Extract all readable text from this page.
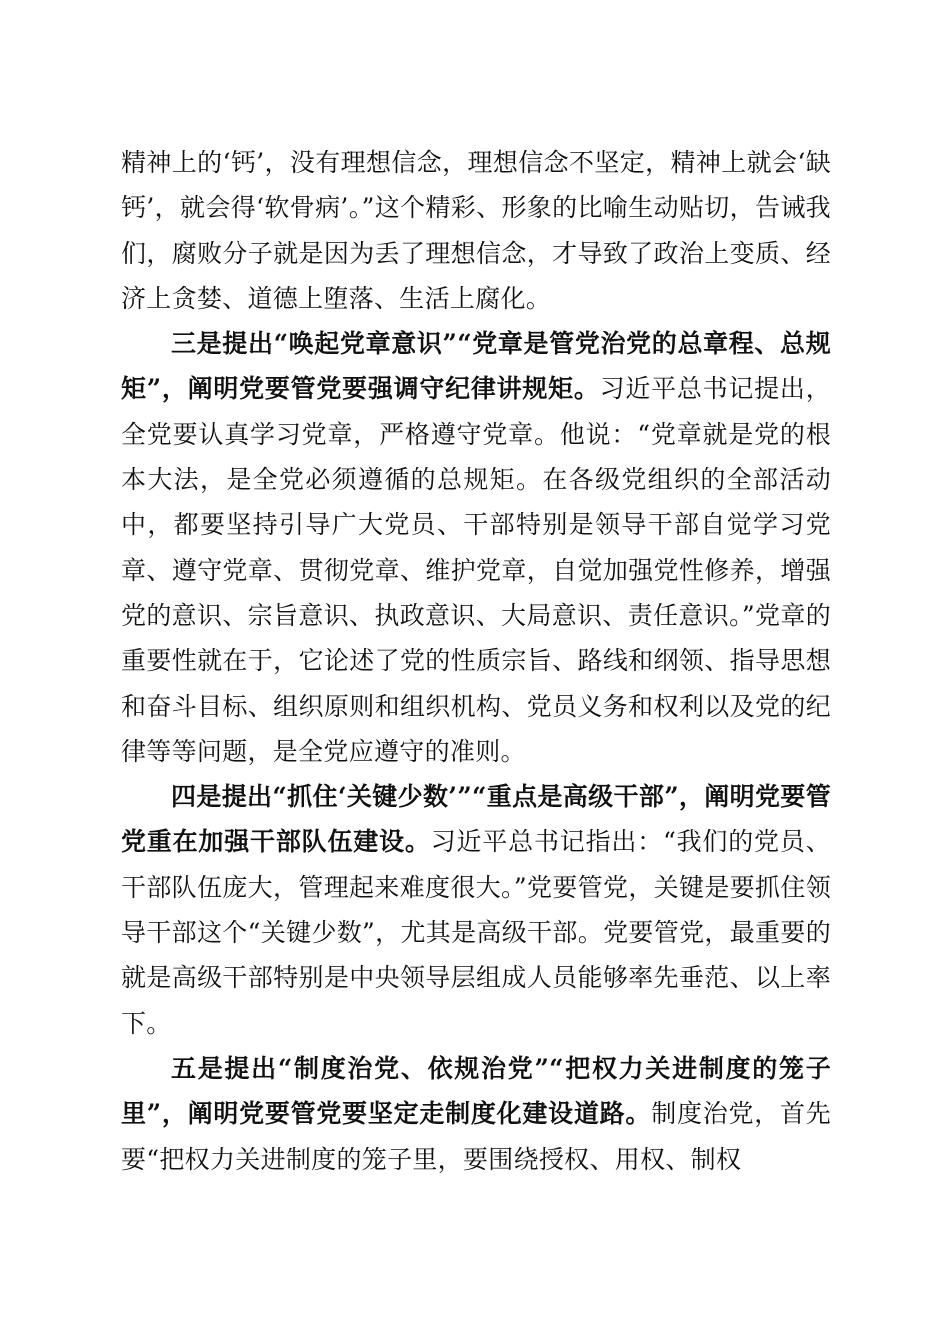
精神上的‘钙’，没有理想信念，理想信念不坚定，精神上就会‘缺钙’，就会得‘软骨病’。”这个精彩、形象的比喻生动贴切，告诫我们，腐败分子就是因为丢了理想信念，才导致了政治上变质、经济上贪婪、道德上堕落、生活上腐化。

三是提出“唤起党章意识”“党章是管党治党的总章程、总规矩”，阐明党要管党要强调守纪律讲规矩。习近平总书记提出，全党要认真学习党章，严格遵守党章。他说：“党章就是党的根本大法，是全党必须遵循的总规矩。在各级党组织的全部活动中，都要坚持引导广大党员、干部特别是领导干部自觉学习党章、遵守党章、贯彻党章、维护党章，自觉加强党性修养，增强党的意识、宗旨意识、执政意识、大局意识、责任意识。”党章的重要性就在于，它论述了党的性质宗旨、路线和纲领、指导思想和奋斗目标、组织原则和组织机构、党员义务和权利以及党的纪律等等问题，是全党应遵守的准则。

四是提出“抓住‘关键少数’”“重点是高级干部”，阐明党要管党重在加强干部队伍建设。习近平总书记指出：“我们的党员、干部队伍庞大，管理起来难度很大。”党要管党，关键是要抓住领导干部这个“关键少数”，尤其是高级干部。党要管党，最重要的就是高级干部特别是中央领导层组成人员能够率先垂范、以上率下。

五是提出“制度治党、依规治党”“把权力关进制度的笼子里”，阐明党要管党要坚定走制度化建设道路。制度治党，首先要“把权力关进制度的笼子里，要围绕授权、用权、制权
